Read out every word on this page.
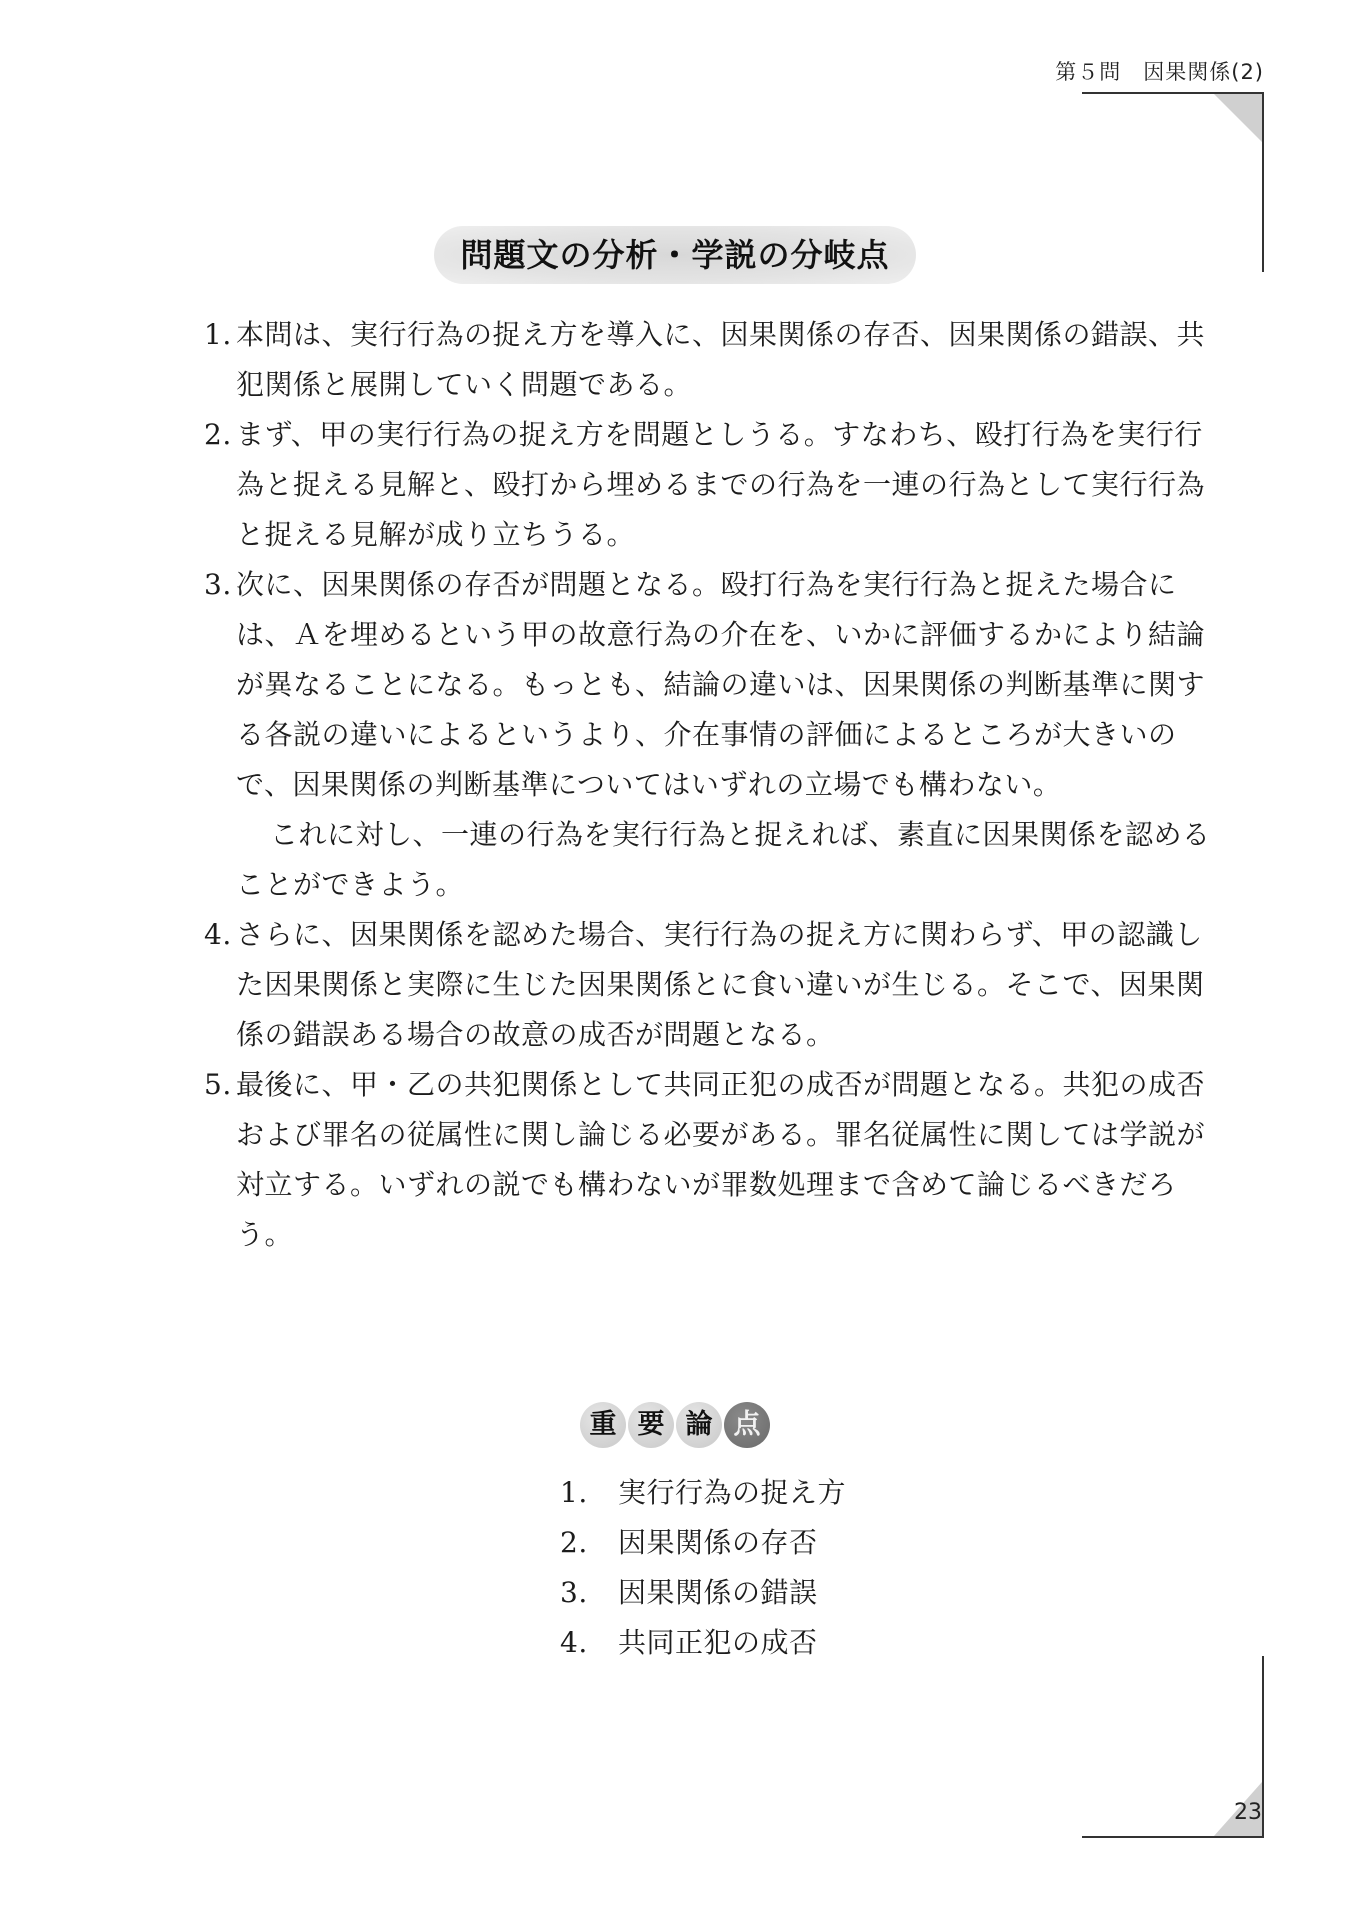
第５問　因果関係(2)
問題文の分析・学説の分岐点
1. 本問は、実行行為の捉え方を導入に、因果関係の存否、因果関係の錯誤、共犯関係と展開していく問題である。
2. まず、甲の実行行為の捉え方を問題としうる。すなわち、殴打行為を実行行為と捉える見解と、殴打から埋めるまでの行為を一連の行為として実行行為と捉える見解が成り立ちうる。
3. 次に、因果関係の存否が問題となる。殴打行為を実行行為と捉えた場合には、Ａを埋めるという甲の故意行為の介在を、いかに評価するかにより結論が異なることになる。もっとも、結論の違いは、因果関係の判断基準に関する各説の違いによるというより、介在事情の評価によるところが大きいので、因果関係の判断基準についてはいずれの立場でも構わない。
これに対し、一連の行為を実行行為と捉えれば、素直に因果関係を認めることができよう。
4. さらに、因果関係を認めた場合、実行行為の捉え方に関わらず、甲の認識した因果関係と実際に生じた因果関係とに食い違いが生じる。そこで、因果関係の錯誤ある場合の故意の成否が問題となる。
5. 最後に、甲・乙の共犯関係として共同正犯の成否が問題となる。共犯の成否および罪名の従属性に関し論じる必要がある。罪名従属性に関しては学説が対立する。いずれの説でも構わないが罪数処理まで含めて論じるべきだろう。
重 要 論 点
1. 実行行為の捉え方
2. 因果関係の存否
3. 因果関係の錯誤
4. 共同正犯の成否
23
